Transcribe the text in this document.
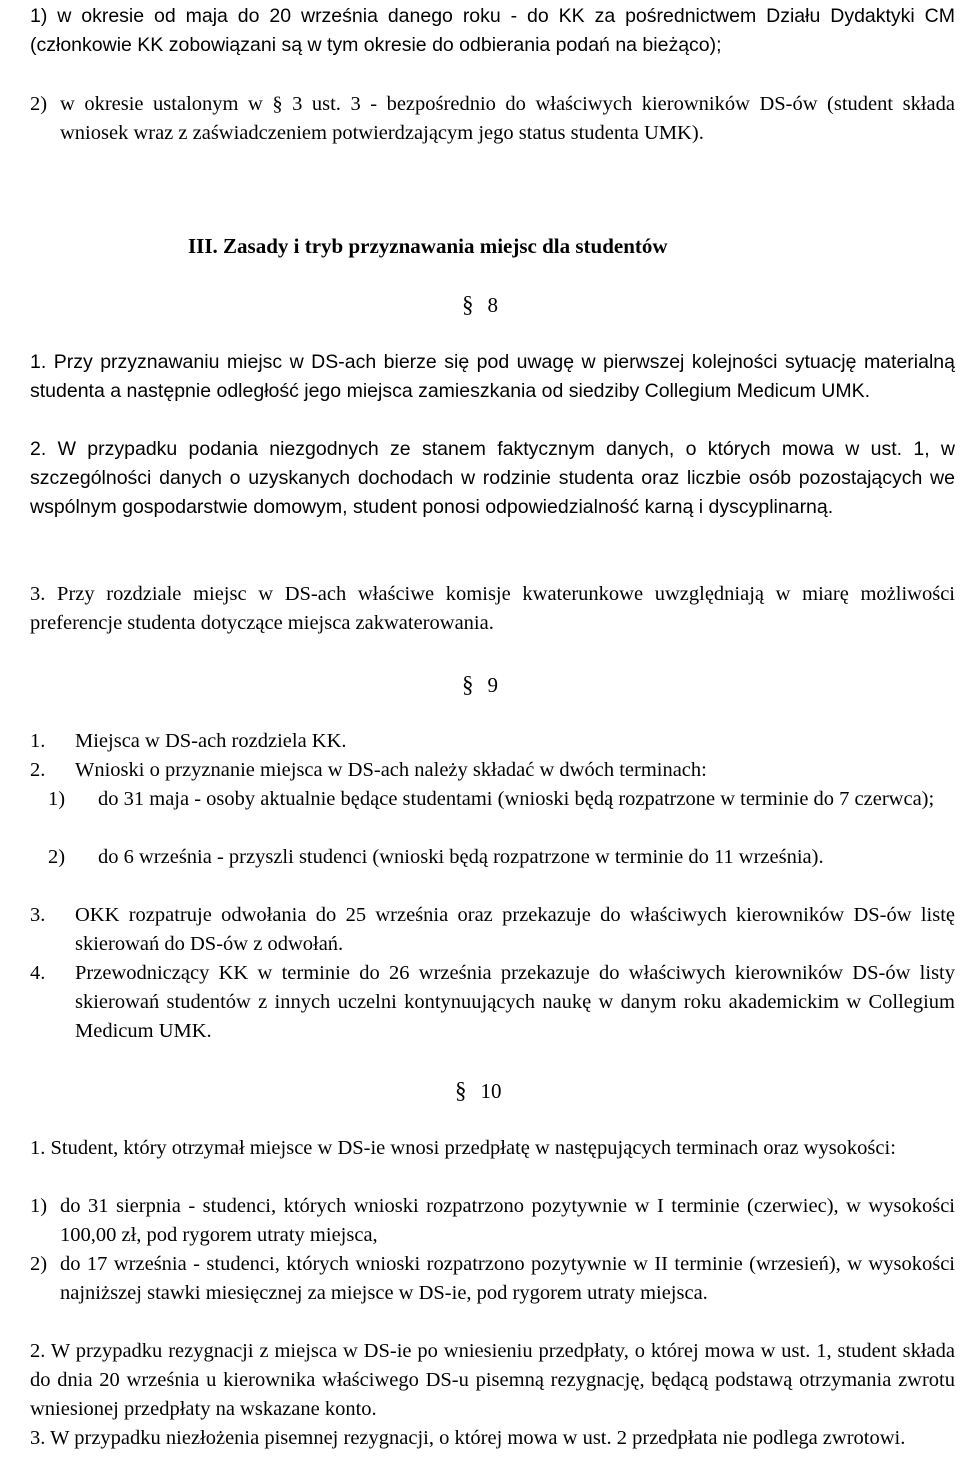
1) w okresie od maja do 20 września danego roku - do KK za pośrednictwem Działu Dydaktyki CM (członkowie KK zobowiązani są w tym okresie do odbierania podań na bieżąco);

2) w okresie ustalonym w § 3 ust. 3 - bezpośrednio do właściwych kierowników DS-ów (student składa wniosek wraz z zaświadczeniem potwierdzającym jego status studenta UMK).

III. Zasady i tryb przyznawania miejsc dla studentów
§ 8

1. Przy przyznawaniu miejsc w DS-ach bierze się pod uwagę w pierwszej kolejności sytuację materialną studenta a następnie odległość jego miejsca zamieszkania od siedziby Collegium Medicum UMK.

2. W przypadku podania niezgodnych ze stanem faktycznym danych, o których mowa w ust. 1, w szczególności danych o uzyskanych dochodach w rodzinie studenta oraz liczbie osób pozostających we wspólnym gospodarstwie domowym, student ponosi odpowiedzialność karną i dyscyplinarną.

3. Przy rozdziale miejsc w DS-ach właściwe komisje kwaterunkowe uwzględniają w miarę możliwości preferencje studenta dotyczące miejsca zakwaterowania.

§ 9
1. Miejsca w DS-ach rozdziela KK.

2. Wnioski o przyznanie miejsca w DS-ach należy składać w dwóch terminach:

1)	do 31 maja - osoby aktualnie będące studentami (wnioski będą rozpatrzone w terminie do 7 czerwca);

2)	do 6 września - przyszli studenci (wnioski będą rozpatrzone w terminie do 11 września).

3. OKK rozpatruje odwołania do 25 września oraz przekazuje do właściwych kierowników DS-ów listę skierowań do DS-ów z odwołań.

4. Przewodniczący KK w terminie do 26 września przekazuje do właściwych kierowników DS-ów listy skierowań studentów z innych uczelni kontynuujących naukę w danym roku akademickim w Collegium Medicum UMK.

§ 10

1. Student, który otrzymał miejsce w DS-ie wnosi przedpłatę w następujących terminach oraz wysokości:

1) do 31 sierpnia - studenci, których wnioski rozpatrzono pozytywnie w I terminie (czerwiec), w wysokości 100,00 zł, pod rygorem utraty miejsca,

2) do 17 września - studenci, których wnioski rozpatrzono pozytywnie w II terminie (wrzesień), w wysokości najniższej stawki miesięcznej za miejsce w DS-ie, pod rygorem utraty miejsca.

2. W przypadku rezygnacji z miejsca w DS-ie po wniesieniu przedpłaty, o której mowa w ust. 1, student składa do dnia 20 września u kierownika właściwego DS-u pisemną rezygnację, będącą podstawą otrzymania zwrotu wniesionej przedpłaty na wskazane konto.

3. W przypadku niezłożenia pisemnej rezygnacji, o której mowa w ust. 2 przedpłata nie podlega zwrotowi.
